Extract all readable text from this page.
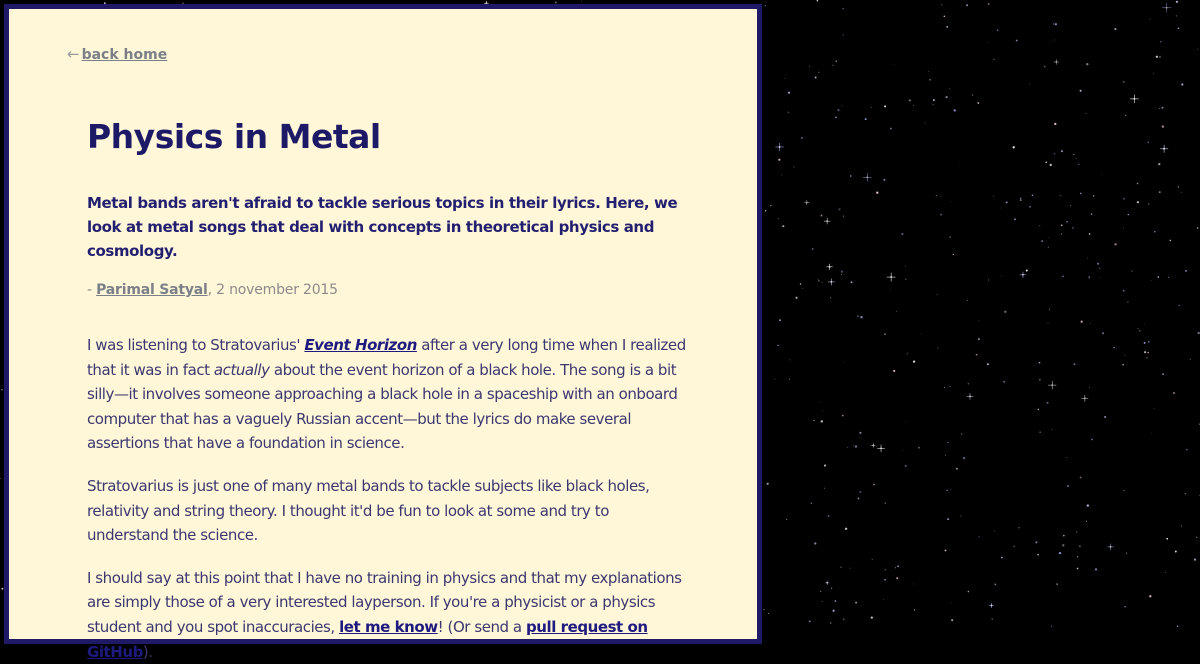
← back home
Physics in Metal

Metal bands aren't afraid to tackle serious topics in their lyrics. Here, we look at metal songs that deal with concepts in theoretical physics and cosmology.

- Parimal Satyal, 2 november 2015

I was listening to Stratovarius' Event Horizon after a very long time when I realized that it was in fact actually about the event horizon of a black hole. The song is a bit silly—it involves someone approaching a black hole in a spaceship with an onboard computer that has a vaguely Russian accent—but the lyrics do make several assertions that have a foundation in science.

Stratovarius is just one of many metal bands to tackle subjects like black holes, relativity and string theory. I thought it'd be fun to look at some and try to understand the science.

I should say at this point that I have no training in physics and that my explanations are simply those of a very interested layperson. If you're a physicist or a physics student and you spot inaccuracies, let me know! (Or send a pull request on GitHub).
